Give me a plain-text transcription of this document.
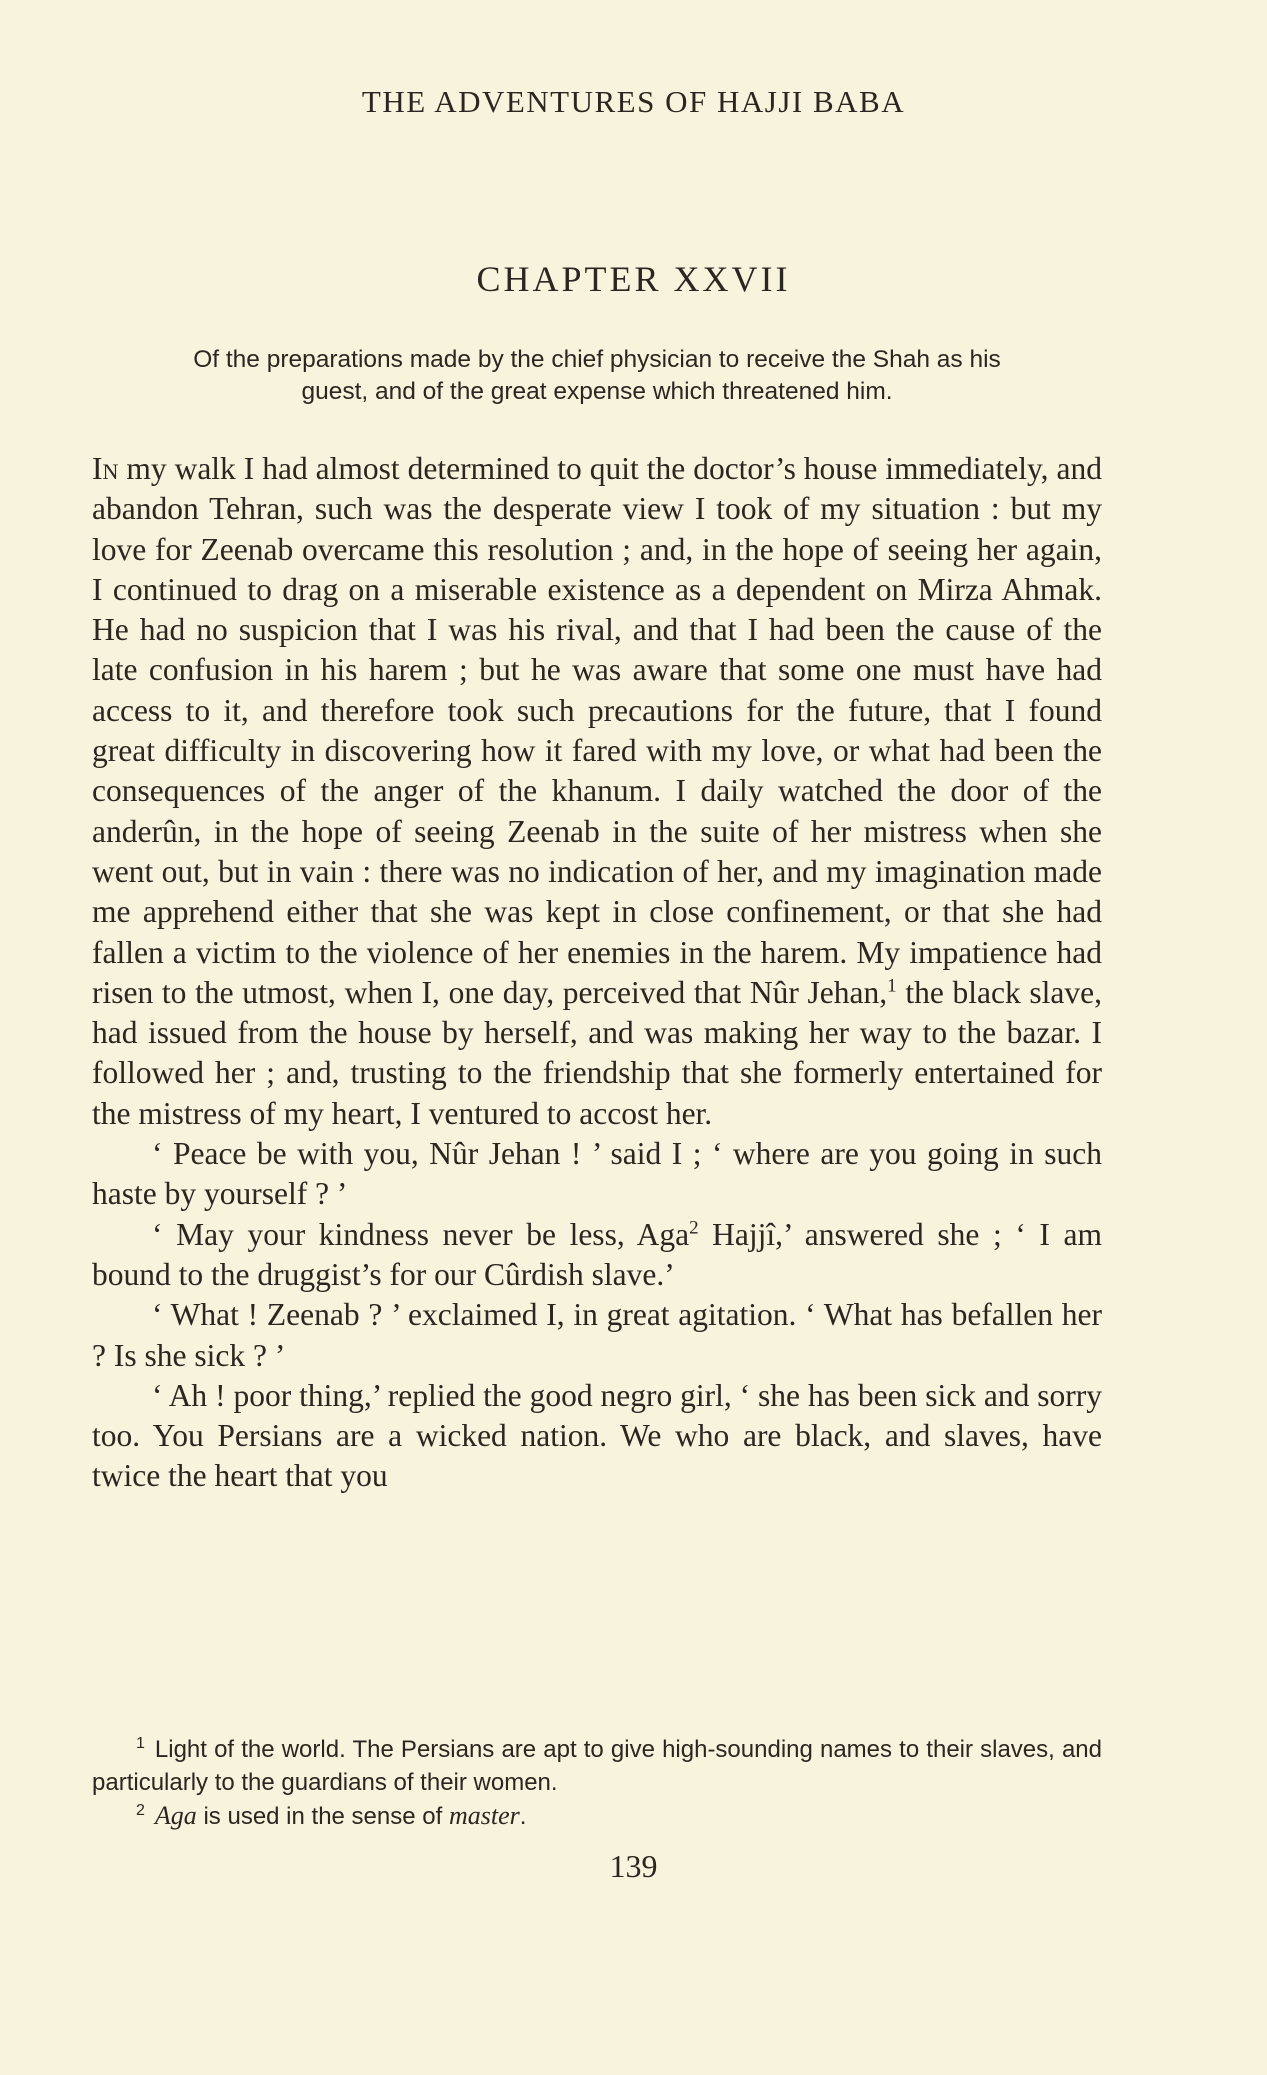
THE ADVENTURES OF HAJJI BABA
CHAPTER XXVII
Of the preparations made by the chief physician to receive the Shah as his
guest, and of the great expense which threatened him.

In my walk I had almost determined to quit the doctor’s house immediately, and abandon Tehran, such was the desperate view I took of my situation : but my love for Zeenab overcame this resolution ; and, in the hope of seeing her again, I continued to drag on a miserable existence as a dependent on Mirza Ahmak. He had no suspicion that I was his rival, and that I had been the cause of the late confusion in his harem ; but he was aware that some one must have had access to it, and therefore took such precautions for the future, that I found great difficulty in discovering how it fared with my love, or what had been the consequences of the anger of the khanum. I daily watched the door of the anderûn, in the hope of seeing Zeenab in the suite of her mistress when she went out, but in vain : there was no indication of her, and my imagination made me apprehend either that she was kept in close confinement, or that she had fallen a victim to the violence of her enemies in the harem. My impatience had risen to the utmost, when I, one day, perceived that Nûr Jehan,$^1$ the black slave, had issued from the house by herself, and was making her way to the bazar. I followed her ; and, trusting to the friendship that she formerly entertained for the mistress of my heart, I ventured to accost her.

‘ Peace be with you, Nûr Jehan ! ’ said I ; ‘ where are you going in such haste by yourself ? ’

‘ May your kindness never be less, Aga$^2$ Hajjî,’ answered she ; ‘ I am bound to the druggist’s for our Cûrdish slave.’

‘ What ! Zeenab ? ’ exclaimed I, in great agitation. ‘ What has befallen her ? Is she sick ? ’

‘ Ah ! poor thing,’ replied the good negro girl, ‘ she has been sick and sorry too. You Persians are a wicked nation. We who are black, and slaves, have twice the heart that you

$^1$ Light of the world. The Persians are apt to give high-sounding names to their slaves, and particularly to the guardians of their women.

$^2$ Aga is used in the sense of master.

139
